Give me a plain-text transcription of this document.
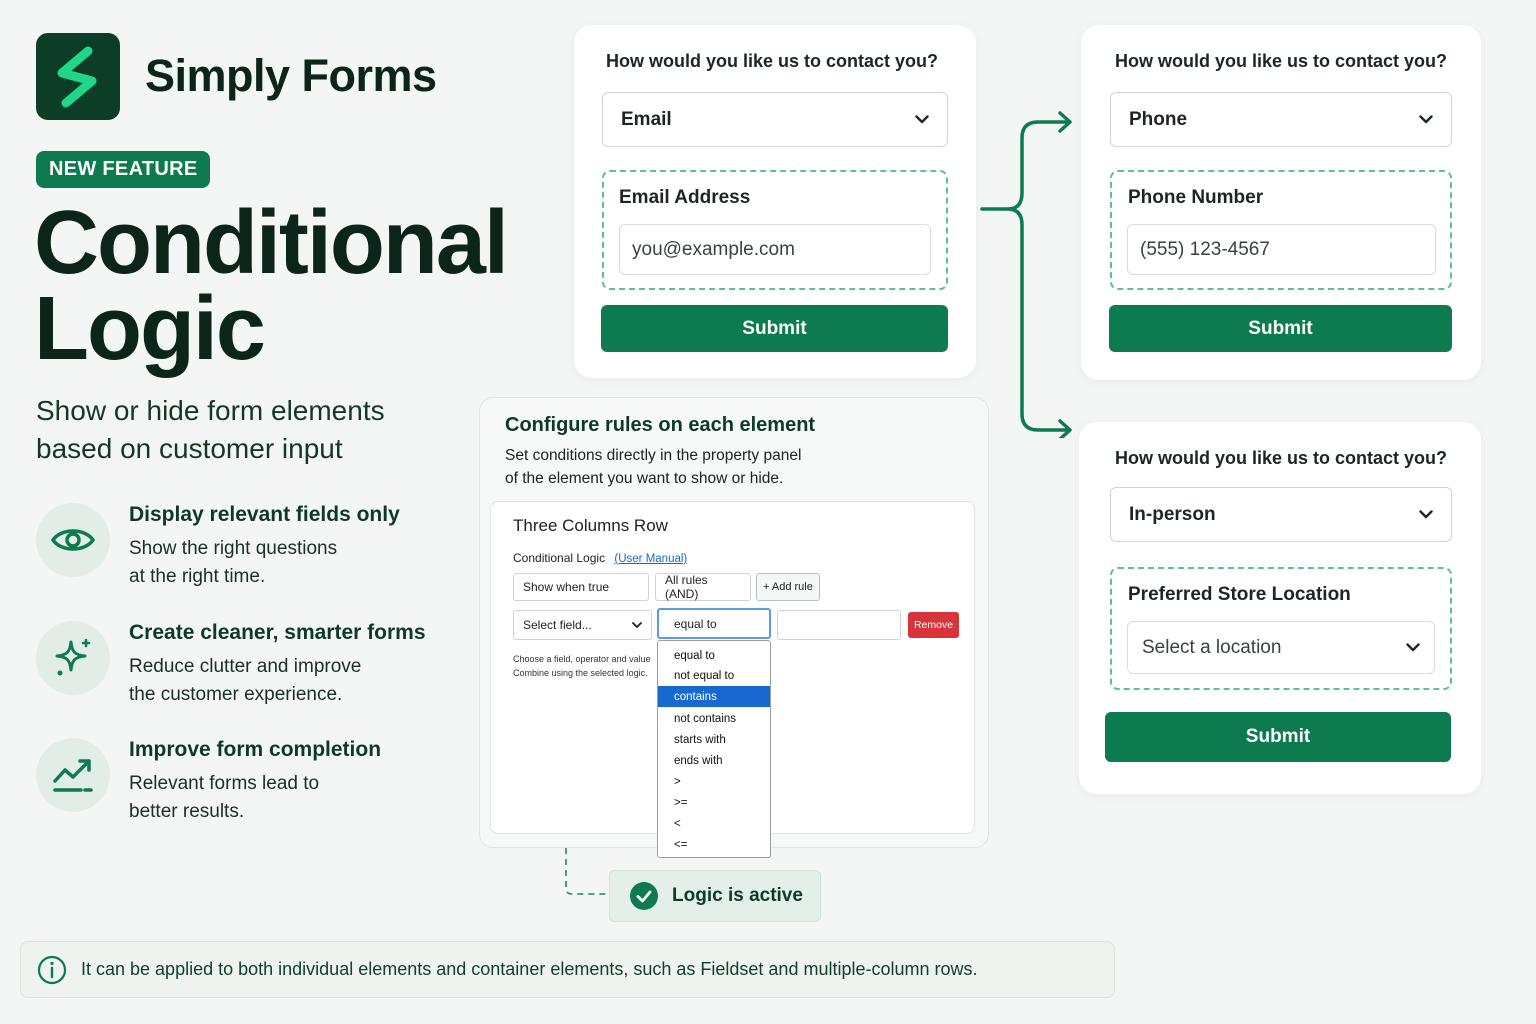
Simply Forms
NEW FEATURE
Conditional
Logic
Show or hide form elements
based on customer input
Display relevant fields only
Show the right questions
at the right time.
Create cleaner, smarter forms
Reduce clutter and improve
the customer experience.
Improve form completion
Relevant forms lead to
better results.
How would you like us to contact you?
Email
Email Address
you@example.com
Submit
How would you like us to contact you?
Phone
Phone Number
(555) 123-4567
Submit
How would you like us to contact you?
In-person
Preferred Store Location
Select a location
Submit
Configure rules on each element
Set conditions directly in the property panel
of the element you want to show or hide.
Three Columns Row
Conditional Logic (User Manual)
Show when true	All rules (AND)	+ Add rule
Select field...	equal to	Remove
Choose a field, operator and value
Combine using the selected logic.
equal to
not equal to
contains
not contains
starts with
ends with
>
>=
<
<=
Logic is active
It can be applied to both individual elements and container elements, such as Fieldset and multiple-column rows.
